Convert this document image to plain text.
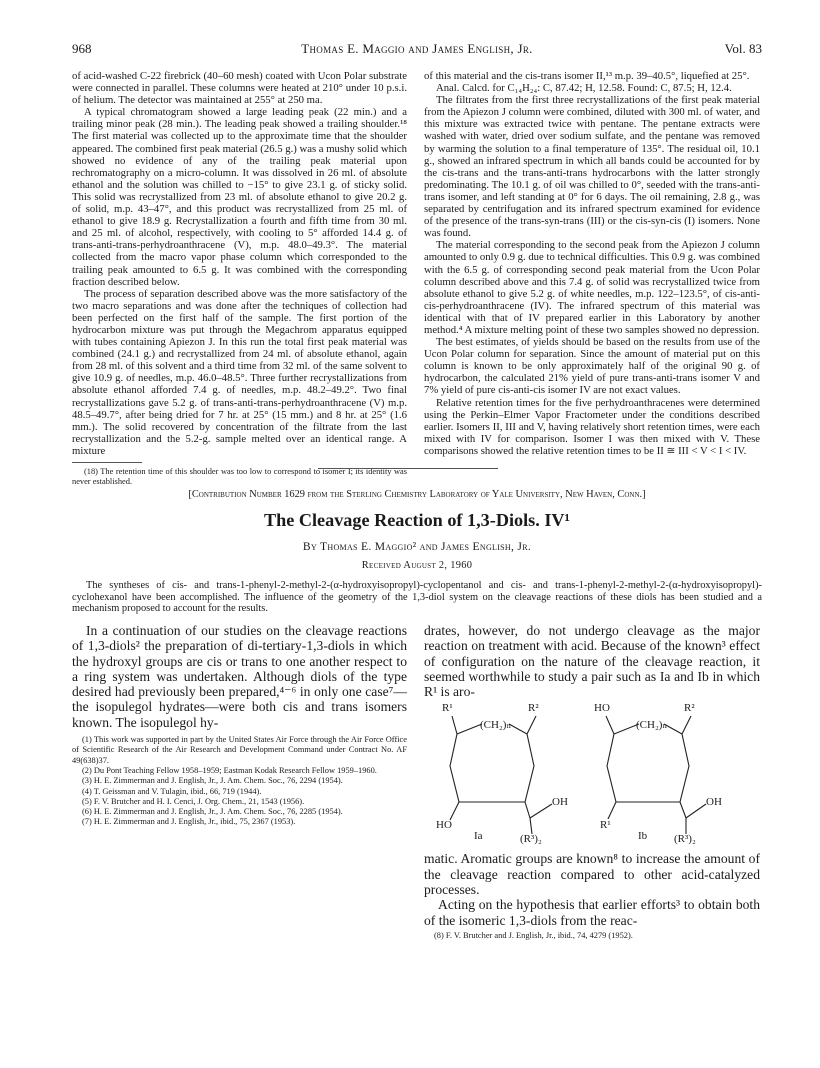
968	Thomas E. Maggio and James English, Jr.	Vol. 83

of acid-washed C-22 firebrick (40–60 mesh) coated with Ucon Polar substrate were connected in parallel. These columns were heated at 210° under 10 p.s.i. of helium. The detector was maintained at 255° at 250 ma.

A typical chromatogram showed a large leading peak (22 min.) and a trailing minor peak (28 min.). The leading peak showed a trailing shoulder.¹⁸ The first material was collected up to the approximate time that the shoulder appeared. The combined first peak material (26.5 g.) was a mushy solid which showed no evidence of any of the trailing peak material upon rechromatography on a micro-column. It was dissolved in 26 ml. of absolute ethanol and the solution was chilled to −15° to give 23.1 g. of sticky solid. This solid was recrystallized from 23 ml. of absolute ethanol to give 20.2 g. of solid, m.p. 43–47°, and this product was recrystallized from 25 ml. of ethanol to give 18.9 g. Recrystallization a fourth and fifth time from 30 ml. and 25 ml. of alcohol, respectively, with cooling to 5° afforded 14.4 g. of trans-anti-trans-perhydroanthracene (V), m.p. 48.0–49.3°. The material collected from the macro vapor phase column which corresponded to the trailing peak amounted to 6.5 g. It was combined with the corresponding fraction described below.

The process of separation described above was the more satisfactory of the two macro separations and was done after the techniques of collection had been perfected on the first half of the sample. The first portion of the hydrocarbon mixture was put through the Megachrom apparatus equipped with tubes containing Apiezon J. In this run the total first peak material was combined (24.1 g.) and recrystallized from 24 ml. of absolute ethanol, again from 28 ml. of this solvent and a third time from 32 ml. of the same solvent to give 10.9 g. of needles, m.p. 46.0–48.5°. Three further recrystallizations from absolute ethanol afforded 7.4 g. of needles, m.p. 48.2–49.2°. Two final recrystallizations gave 5.2 g. of trans-anti-trans-perhydroanthracene (V) m.p. 48.5–49.7°, after being dried for 7 hr. at 25° (15 mm.) and 8 hr. at 25° (1.6 mm.). The solid recovered by concentration of the filtrate from the last recrystallization and the 5.2-g. sample melted over an identical range. A mixture

(18) The retention time of this shoulder was too low to correspond to isomer I; its identity was never established.

of this material and the cis-trans isomer II,¹³ m.p. 39–40.5°, liquefied at 25°.

Anal. Calcd. for C₁₄H₂₄: C, 87.42; H, 12.58. Found: C, 87.5; H, 12.4.

The filtrates from the first three recrystallizations of the first peak material from the Apiezon J column were combined, diluted with 300 ml. of water, and this mixture was extracted twice with pentane. The pentane extracts were washed with water, dried over sodium sulfate, and the pentane was removed by warming the solution to a final temperature of 135°. The residual oil, 10.1 g., showed an infrared spectrum in which all bands could be accounted for by the cis-trans and the trans-anti-trans hydrocarbons with the latter strongly predominating. The 10.1 g. of oil was chilled to 0°, seeded with the trans-anti-trans isomer, and left standing at 0° for 6 days. The oil remaining, 2.8 g., was separated by centrifugation and its infrared spectrum examined for evidence of the presence of the trans-syn-trans (III) or the cis-syn-cis (I) isomers. None was found.

The material corresponding to the second peak from the Apiezon J column amounted to only 0.9 g. due to technical difficulties. This 0.9 g. was combined with the 6.5 g. of corresponding second peak material from the Ucon Polar column described above and this 7.4 g. of solid was recrystallized twice from absolute ethanol to give 5.2 g. of white needles, m.p. 122–123.5°, of cis-anti-cis-perhydroanthracene (IV). The infrared spectrum of this material was identical with that of IV prepared earlier in this Laboratory by another method.⁴ A mixture melting point of these two samples showed no depression.

The best estimates, of yields should be based on the results from use of the Ucon Polar column for separation. Since the amount of material put on this column is known to be only approximately half of the original 90 g. of hydrocarbon, the calculated 21% yield of pure trans-anti-trans isomer V and 7% yield of pure cis-anti-cis isomer IV are not exact values.

Relative retention times for the five perhydroanthracenes were determined using the Perkin–Elmer Vapor Fractometer under the conditions described earlier. Isomers II, III and V, having relatively short retention times, were each mixed with IV for comparison. Isomer I was then mixed with V. These comparisons showed the relative retention times to be II ≅ III < V < I < IV.

[Contribution Number 1629 from the Sterling Chemistry Laboratory of Yale University, New Haven, Conn.]
The Cleavage Reaction of 1,3-Diols. IV¹
By Thomas E. Maggio² and James English, Jr.
Received August 2, 1960
The syntheses of cis- and trans-1-phenyl-2-methyl-2-(α-hydroxyisopropyl)-cyclopentanol and cis- and trans-1-phenyl-2-methyl-2-(α-hydroxyisopropyl)-cyclohexanol have been accomplished. The influence of the geometry of the 1,3-diol system on the cleavage reactions of these diols has been studied and a mechanism proposed to account for the results.

In a continuation of our studies on the cleavage reactions of 1,3-diols² the preparation of di-tertiary-1,3-diols in which the hydroxyl groups are cis or trans to one another respect to a ring system was undertaken. Although diols of the type desired had previously been prepared,⁴⁻⁶ in only one case⁷—the isopulegol hydrates—were both cis and trans isomers known. The isopulegol hy-

(1) This work was supported in part by the United States Air Force through the Air Force Office of Scientific Research of the Air Research and Development Command under Contract No. AF 49(638)37.

(2) Du Pont Teaching Fellow 1958–1959; Eastman Kodak Research Fellow 1959–1960.

(3) H. E. Zimmerman and J. English, Jr., J. Am. Chem. Soc., 76, 2294 (1954).

(4) T. Geissman and V. Tulagin, ibid., 66, 719 (1944).

(5) F. V. Brutcher and H. I. Cenci, J. Org. Chem., 21, 1543 (1956).

(6) H. E. Zimmerman and J. English, Jr., J. Am. Chem. Soc., 76, 2285 (1954).

(7) H. E. Zimmerman and J. English, Jr., ibid., 75, 2367 (1953).

drates, however, do not undergo cleavage as the major reaction on treatment with acid. Because of the known³ effect of configuration on the nature of the cleavage reaction, it seemed worthwhile to study a pair such as Ia and Ib in which R¹ is aro-

R¹	R²
(CH₂)ₙ
OH
HO
(R³)₂
Ia
HO	R²
(CH₂)ₙ
OH
R¹
(R³)₂
Ib

matic. Aromatic groups are known⁸ to increase the amount of the cleavage reaction compared to other acid-catalyzed processes.

Acting on the hypothesis that earlier efforts³ to obtain both of the isomeric 1,3-diols from the reac-

(8) F. V. Brutcher and J. English, Jr., ibid., 74, 4279 (1952).
